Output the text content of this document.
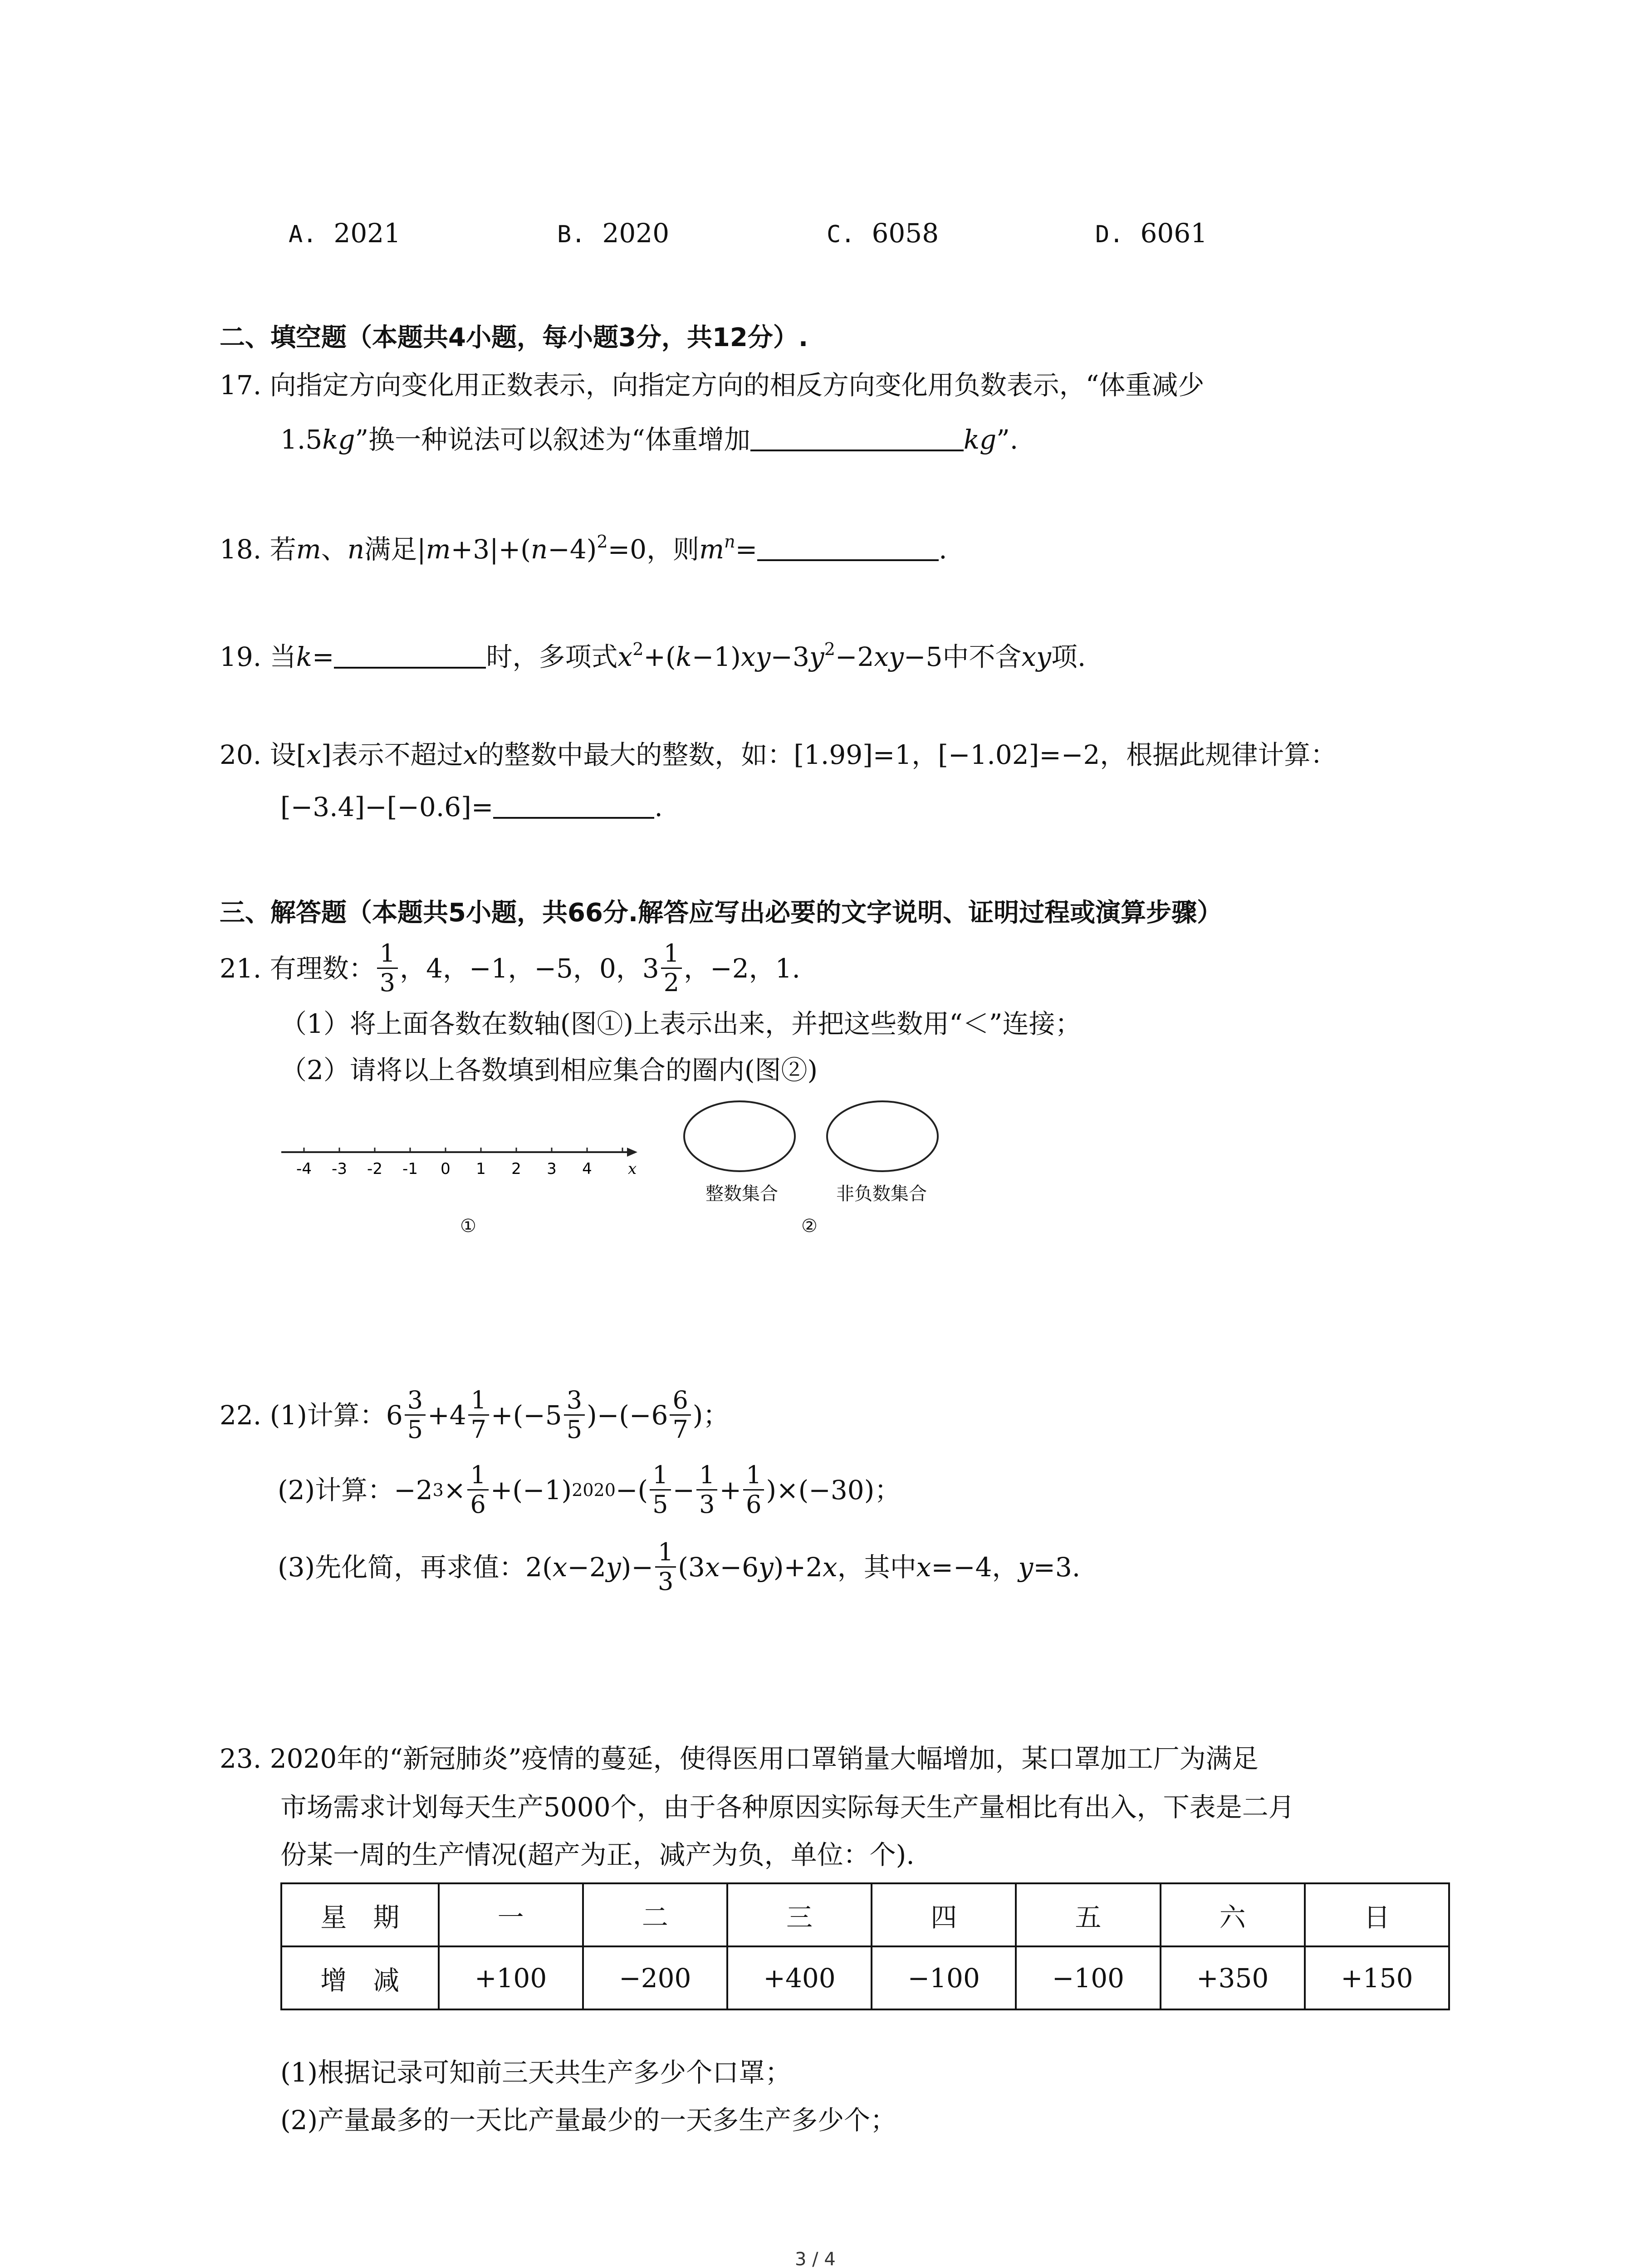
A. 2021	B. 2020	C. 6058	D. 6061
二、填空题（本题共4小题，每小题3分，共12分）.
17. 向指定方向变化用正数表示，向指定方向的相反方向变化用负数表示，“体重减少
1.5kg”换一种说法可以叙述为“体重增加	kg”.
18. 若m、n满足$|m+3|+(n-4)^2=0$，则$m^n=$	.
19. 当k=	时，多项式$x^2+(k-1)xy-3y^2-2xy-5$中不含xy项.
20. 设[x]表示不超过x的整数中最大的整数，如：[1.99]=1，[−1.02]=−2，根据此规律计算：
[−3.4]−[−0.6]=	.
三、解答题（本题共5小题，共66分.解答应写出必要的文字说明、证明过程或演算步骤）
21.
有理数： $\frac{1}{3}$ ，4，−1，−5，0，$3 \frac{1}{2}$ ，−2，1.
（1）将上面各数在数轴(图①)上表示出来，并把这些数用“＜”连接；
（2）请将以上各数填到相应集合的圈内(图②)
-4 -3 -2 -1 0 1 2 3 4 x
①
整数集合	非负数集合
②
22.
(1)计算： $6 \frac{3}{5} +4 \frac{1}{7} +(-5 \frac{3}{5} )-(-6 \frac{6}{7}$ )；
(2)计算： −2 $3 \times \frac{1}{6} +(-1)$ 2020 −( $\frac{1}{5} - \frac{1}{3} + \frac{1}{6} )\times(-30)$；
(3)先化简，再求值： 2( x −2 y )− $\frac{1}{3} (3$ x −6 y )+2 x ，其中 x =−4， y =3.
23. 2020年的“新冠肺炎”疫情的蔓延，使得医用口罩销量大幅增加，某口罩加工厂为满足
市场需求计划每天生产5000个，由于各种原因实际每天生产量相比有出入，下表是二月
份某一周的生产情况(超产为正，减产为负，单位：个).
星　期	一	二	三	四	五	六	日
增　减	+100	−200	+400	−100	−100	+350	+150
(1)根据记录可知前三天共生产多少个口罩；
(2)产量最多的一天比产量最少的一天多生产多少个；
3 / 4
